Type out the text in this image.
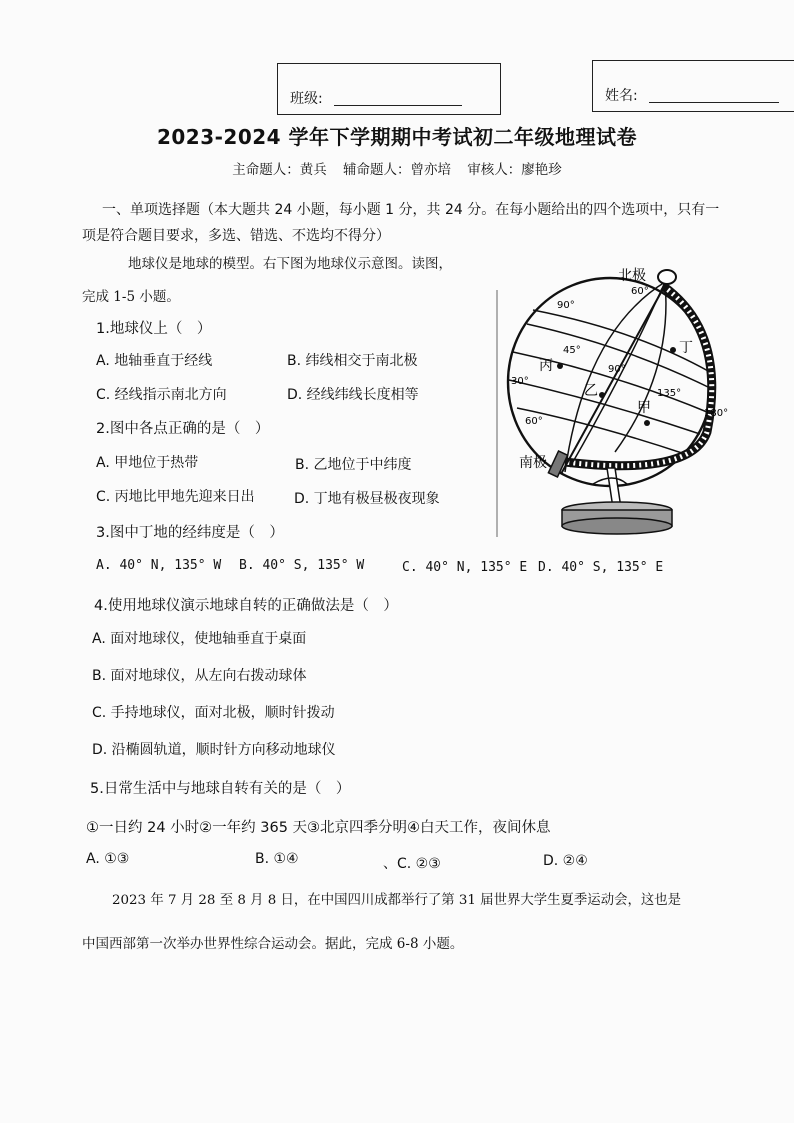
班级:	姓名:
2023-2024 学年下学期期中考试初二年级地理试卷
主命题人：黄兵 辅命题人：曾亦培 审核人：廖艳珍
一、单项选择题（本大题共 24 小题，每小题 1 分，共 24 分。在每小题给出的四个选项中，只有一
项是符合题目要求，多选、错选、不选均不得分）
地球仪是地球的模型。右下图为地球仪示意图。读图，
完成 1-5 小题。
1.地球仪上（　）
A. 地轴垂直于经线	B. 纬线相交于南北极
C. 经线指示南北方向	D. 经线纬线长度相等
2.图中各点正确的是（　）
A. 甲地位于热带	B. 乙地位于中纬度
C. 丙地比甲地先迎来日出	D. 丁地有极昼极夜现象
3.图中丁地的经纬度是（　）
A. 40° N, 135° W B. 40° S, 135° W	C. 40° N, 135° E D. 40° S, 135° E
4.使用地球仪演示地球自转的正确做法是（　）
A. 面对地球仪，使地轴垂直于桌面
B. 面对地球仪，从左向右拨动球体
C. 手持地球仪，面对北极，顺时针拨动
D. 沿椭圆轨道，顺时针方向移动地球仪
5.日常生活中与地球自转有关的是（　）
①一日约 24 小时②一年约 365 天③北京四季分明④白天工作，夜间休息
A. ①③	B. ①④	、C. ②③	D. ②④
2023 年 7 月 28 至 8 月 8 日，在中国四川成都举行了第 31 届世界大学生夏季运动会，这也是
中国西部第一次举办世界性综合运动会。据此，完成 6-8 小题。
北极
南极
60°
90°
45°
90°
135°
180°
30°
60°
丙
乙
甲
丁
